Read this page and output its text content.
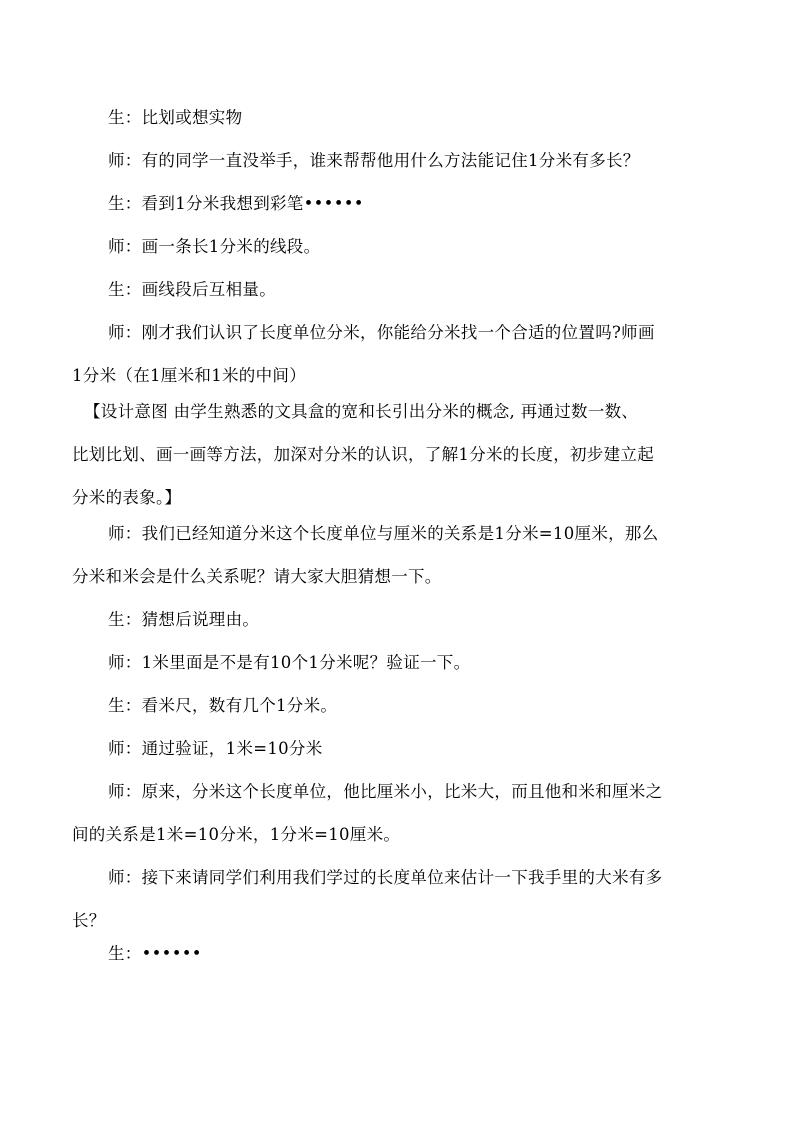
生：比划或想实物

师：有的同学一直没举手，谁来帮帮他用什么方法能记住1分米有多长？

生：看到1分米我想到彩笔••••••

师：画一条长1分米的线段。

生：画线段后互相量。

师：刚才我们认识了长度单位分米，你能给分米找一个合适的位置吗?师画
1分米（在1厘米和1米的中间）

【设计意图 由学生熟悉的文具盒的宽和长引出分米的概念, 再通过数一数、
比划比划、画一画等方法，加深对分米的认识，了解1分米的长度，初步建立起
分米的表象。】

师：我们已经知道分米这个长度单位与厘米的关系是1分米=10厘米，那么
分米和米会是什么关系呢？请大家大胆猜想一下。

生：猜想后说理由。

师：1米里面是不是有10个1分米呢？验证一下。

生：看米尺，数有几个1分米。

师：通过验证，1米=10分米

师：原来，分米这个长度单位，他比厘米小，比米大，而且他和米和厘米之
间的关系是1米=10分米，1分米=10厘米。

师：接下来请同学们利用我们学过的长度单位来估计一下我手里的大米有多
长？

生：••••••
